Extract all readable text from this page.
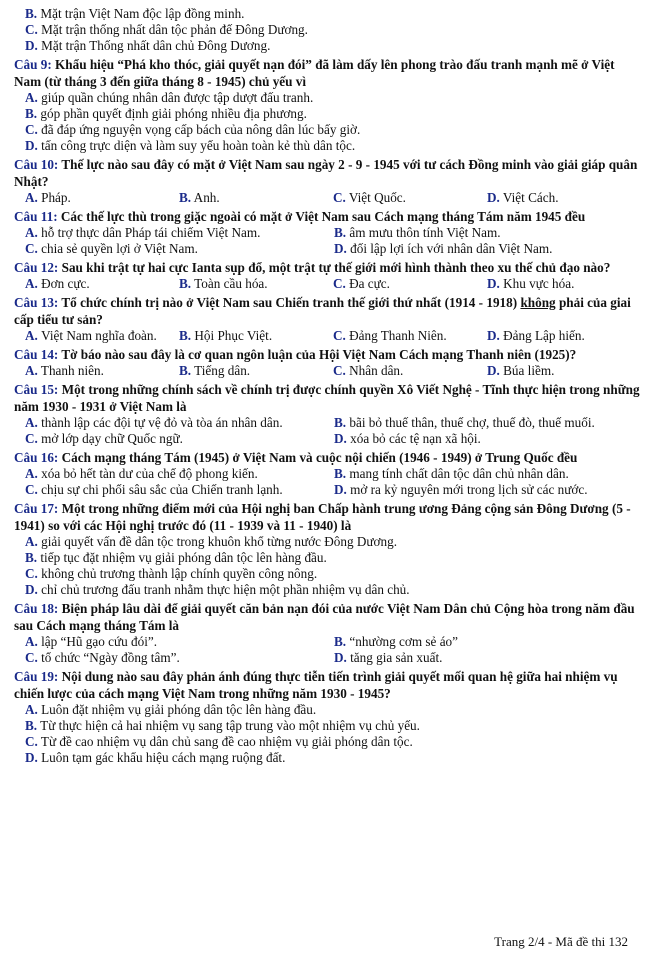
B. Mặt trận Việt Nam độc lập đồng minh.
C. Mặt trận thống nhất dân tộc phản đế Đông Dương.
D. Mặt trận Thống nhất dân chủ Đông Dương.
Câu 9: Khẩu hiệu “Phá kho thóc, giải quyết nạn đói” đã làm dấy lên phong trào đấu tranh mạnh mẽ ở Việt Nam (từ tháng 3 đến giữa tháng 8 - 1945) chủ yếu vì
A. giúp quần chúng nhân dân được tập dượt đấu tranh.
B. góp phần quyết định giải phóng nhiều địa phương.
C. đã đáp ứng nguyện vọng cấp bách của nông dân lúc bấy giờ.
D. tấn công trực diện và làm suy yếu hoàn toàn kẻ thù dân tộc.
Câu 10: Thế lực nào sau đây có mặt ở Việt Nam sau ngày 2 - 9 - 1945 với tư cách Đồng minh vào giải giáp quân Nhật?
A. Pháp.	B. Anh.	C. Việt Quốc.	D. Việt Cách.
Câu 11: Các thế lực thù trong giặc ngoài có mặt ở Việt Nam sau Cách mạng tháng Tám năm 1945 đều
A. hỗ trợ thực dân Pháp tái chiếm Việt Nam.	B. âm mưu thôn tính Việt Nam.
C. chia sẻ quyền lợi ở Việt Nam.	D. đối lập lợi ích với nhân dân Việt Nam.
Câu 12: Sau khi trật tự hai cực Ianta sụp đổ, một trật tự thế giới mới hình thành theo xu thế chủ đạo nào?
A. Đơn cực.	B. Toàn cầu hóa.	C. Đa cực.	D. Khu vực hóa.
Câu 13: Tổ chức chính trị nào ở Việt Nam sau Chiến tranh thế giới thứ nhất (1914 - 1918) không phải của giai cấp tiểu tư sản?
A. Việt Nam nghĩa đoàn.	B. Hội Phục Việt.	C. Đảng Thanh Niên.	D. Đảng Lập hiến.
Câu 14: Tờ báo nào sau đây là cơ quan ngôn luận của Hội Việt Nam Cách mạng Thanh niên (1925)?
A. Thanh niên.	B. Tiếng dân.	C. Nhân dân.	D. Búa liềm.
Câu 15: Một trong những chính sách về chính trị được chính quyền Xô Viết Nghệ - Tĩnh thực hiện trong những năm 1930 - 1931 ở Việt Nam là
A. thành lập các đội tự vệ đỏ và tòa án nhân dân.	B. bãi bỏ thuế thân, thuế chợ, thuế đò, thuế muối.
C. mở lớp dạy chữ Quốc ngữ.	D. xóa bỏ các tệ nạn xã hội.
Câu 16: Cách mạng tháng Tám (1945) ở Việt Nam và cuộc nội chiến (1946 - 1949) ở Trung Quốc đều
A. xóa bỏ hết tàn dư của chế độ phong kiến.	B. mang tính chất dân tộc dân chủ nhân dân.
C. chịu sự chi phối sâu sắc của Chiến tranh lạnh.	D. mở ra kỷ nguyên mới trong lịch sử các nước.
Câu 17: Một trong những điểm mới của Hội nghị ban Chấp hành trung ương Đảng cộng sản Đông Dương (5 - 1941) so với các Hội nghị trước đó (11 - 1939 và 11 - 1940) là
A. giải quyết vấn đề dân tộc trong khuôn khổ từng nước Đông Dương.
B. tiếp tục đặt nhiệm vụ giải phóng dân tộc lên hàng đầu.
C. không chủ trương thành lập chính quyền công nông.
D. chỉ chủ trương đấu tranh nhằm thực hiện một phần nhiệm vụ dân chủ.
Câu 18: Biện pháp lâu dài để giải quyết căn bản nạn đói của nước Việt Nam Dân chủ Cộng hòa trong năm đầu sau Cách mạng tháng Tám là
A. lập “Hũ gạo cứu đói”.	B. “nhường cơm sẻ áo”
C. tổ chức “Ngày đồng tâm”.	D. tăng gia sản xuất.
Câu 19: Nội dung nào sau đây phản ánh đúng thực tiễn tiến trình giải quyết mối quan hệ giữa hai nhiệm vụ chiến lược của cách mạng Việt Nam trong những năm 1930 - 1945?
A. Luôn đặt nhiệm vụ giải phóng dân tộc lên hàng đầu.
B. Từ thực hiện cả hai nhiệm vụ sang tập trung vào một nhiệm vụ chủ yếu.
C. Từ đề cao nhiệm vụ dân chủ sang đề cao nhiệm vụ giải phóng dân tộc.
D. Luôn tạm gác khẩu hiệu cách mạng ruộng đất.
Trang 2/4 - Mã đề thi 132
